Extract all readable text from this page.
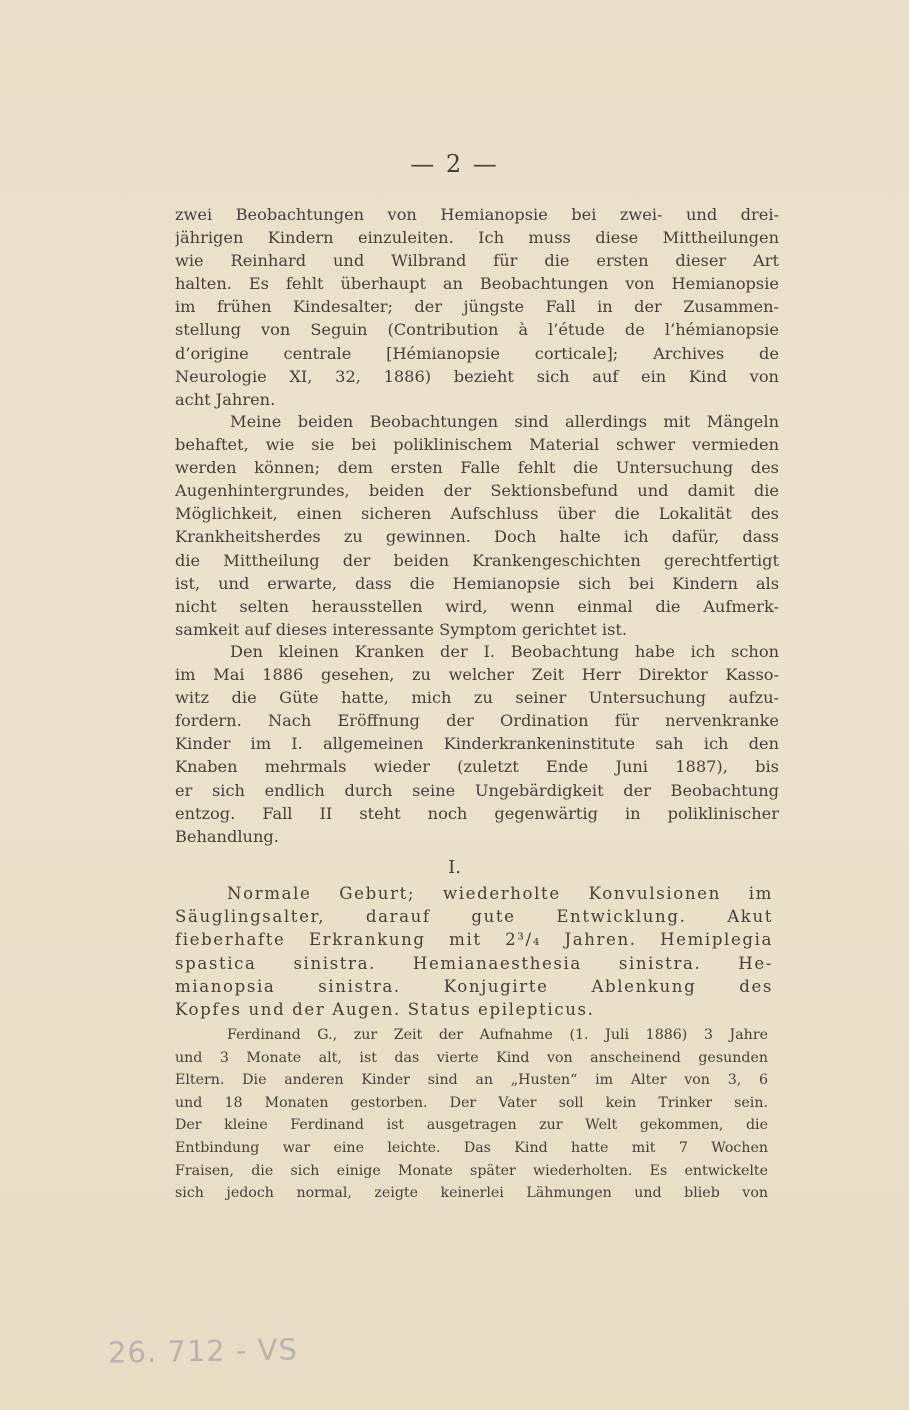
— 2 —
zwei Beobachtungen von Hemianopsie bei zwei- und drei-
jährigen Kindern einzuleiten. Ich muss diese Mittheilungen
wie Reinhard und Wilbrand für die ersten dieser Art
halten. Es fehlt überhaupt an Beobachtungen von Hemianopsie
im frühen Kindesalter; der jüngste Fall in der Zusammen-
stellung von Seguin (Contribution à l’étude de l’hémianopsie
d’origine centrale [Hémianopsie corticale]; Archives de
Neurologie XI, 32, 1886) bezieht sich auf ein Kind von
acht Jahren.
Meine beiden Beobachtungen sind allerdings mit Mängeln
behaftet, wie sie bei poliklinischem Material schwer vermieden
werden können; dem ersten Falle fehlt die Untersuchung des
Augenhintergrundes, beiden der Sektionsbefund und damit die
Möglichkeit, einen sicheren Aufschluss über die Lokalität des
Krankheitsherdes zu gewinnen. Doch halte ich dafür, dass
die Mittheilung der beiden Krankengeschichten gerechtfertigt
ist, und erwarte, dass die Hemianopsie sich bei Kindern als
nicht selten herausstellen wird, wenn einmal die Aufmerk-
samkeit auf dieses interessante Symptom gerichtet ist.
Den kleinen Kranken der I. Beobachtung habe ich schon
im Mai 1886 gesehen, zu welcher Zeit Herr Direktor Kasso-
witz die Güte hatte, mich zu seiner Untersuchung aufzu-
fordern. Nach Eröffnung der Ordination für nervenkranke
Kinder im I. allgemeinen Kinderkrankeninstitute sah ich den
Knaben mehrmals wieder (zuletzt Ende Juni 1887), bis
er sich endlich durch seine Ungebärdigkeit der Beobachtung
entzog. Fall II steht noch gegenwärtig in poliklinischer
Behandlung.
I.
Normale Geburt; wiederholte Konvulsionen im
Säuglingsalter, darauf gute Entwicklung. Akut
fieberhafte Erkrankung mit 2³/₄ Jahren. Hemiplegia
spastica sinistra. Hemianaesthesia sinistra. He-
mianopsia sinistra. Konjugirte Ablenkung des
Kopfes und der Augen. Status epilepticus.
Ferdinand G., zur Zeit der Aufnahme (1. Juli 1886) 3 Jahre
und 3 Monate alt, ist das vierte Kind von anscheinend gesunden
Eltern. Die anderen Kinder sind an „Husten“ im Alter von 3, 6
und 18 Monaten gestorben. Der Vater soll kein Trinker sein.
Der kleine Ferdinand ist ausgetragen zur Welt gekommen, die
Entbindung war eine leichte. Das Kind hatte mit 7 Wochen
Fraisen, die sich einige Monate später wiederholten. Es entwickelte
sich jedoch normal, zeigte keinerlei Lähmungen und blieb von
26. 712 - VS
